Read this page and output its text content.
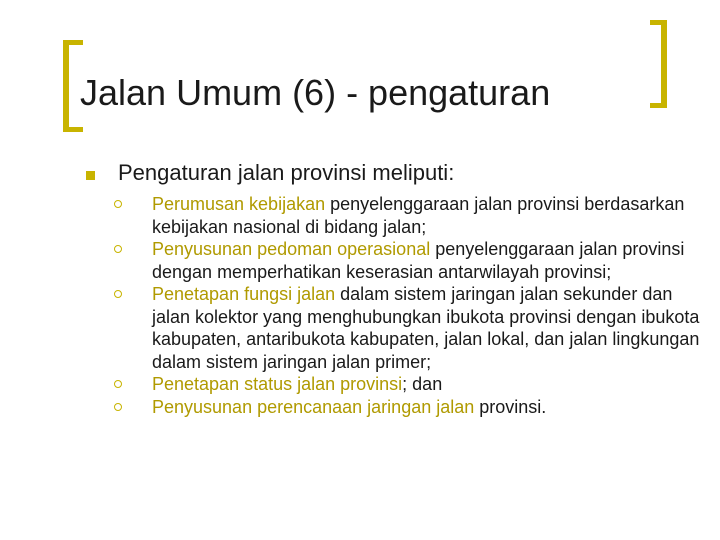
Jalan Umum (6) - pengaturan
Pengaturan jalan provinsi meliputi:
Perumusan kebijakan penyelenggaraan jalan provinsi berdasarkan kebijakan nasional di bidang jalan;
Penyusunan pedoman operasional penyelenggaraan jalan provinsi dengan memperhatikan keserasian antarwilayah provinsi;
Penetapan fungsi jalan dalam sistem jaringan jalan sekunder dan jalan kolektor yang menghubungkan ibukota provinsi dengan ibukota kabupaten, antaribukota kabupaten, jalan lokal, dan jalan lingkungan dalam sistem jaringan jalan primer;
Penetapan status jalan provinsi; dan
Penyusunan perencanaan jaringan jalan provinsi.
